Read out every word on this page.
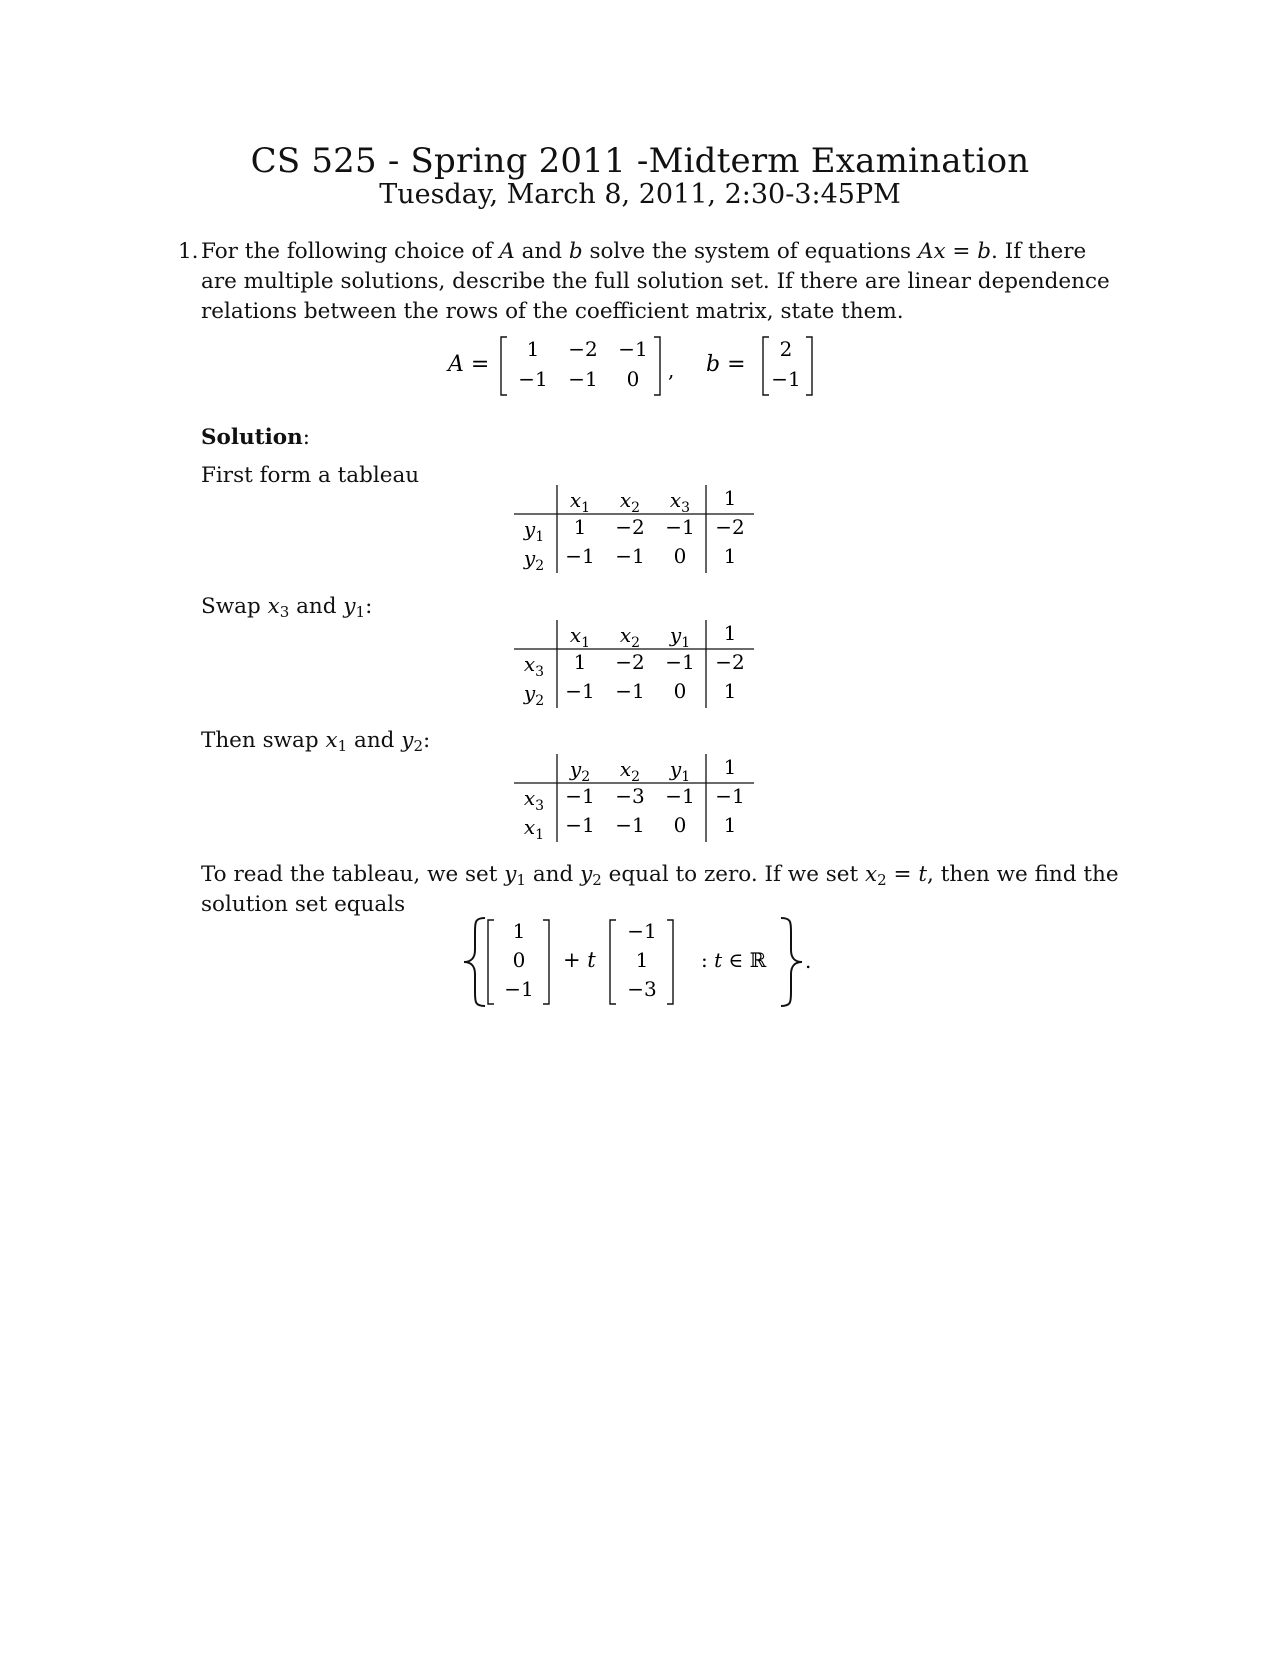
CS 525 - Spring 2011 -Midterm Examination
Tuesday, March 8, 2011, 2:30-3:45PM
1. For the following choice of A and b solve the system of equations Ax = b. If there
are multiple solutions, describe the full solution set. If there are linear dependence
relations between the rows of the coefficient matrix, state them.
A =
1 −2 −1
−1 −1 0 , b =
2
−1
Solution:
First form a tableau
$x_1$ $x_2$ $x_3$ 1
$y_1$ 1 −2 −1 −2
$y_2 -1 -1$ 0 1
Swap $x_3$ and $y_1$:
$x_1$ $x_2$ $y_1$ 1
$x_3$ 1 −2 −1 −2
$y_2 -1 -1$ 0 1
Then swap $x_1$ and $y_2$:
$y_2$ $x_2$ $y_1$ 1
$x_3 -1 -3 -1 -1$
$x_1 -1 -1$ 0 1
To read the tableau, we set $y_1$ and $y_2$ equal to zero. If we set $x_2 = t$, then we find the
solution set equals
1
0
−1
+ t
−1
1
−3
: t ∈ ℝ .
